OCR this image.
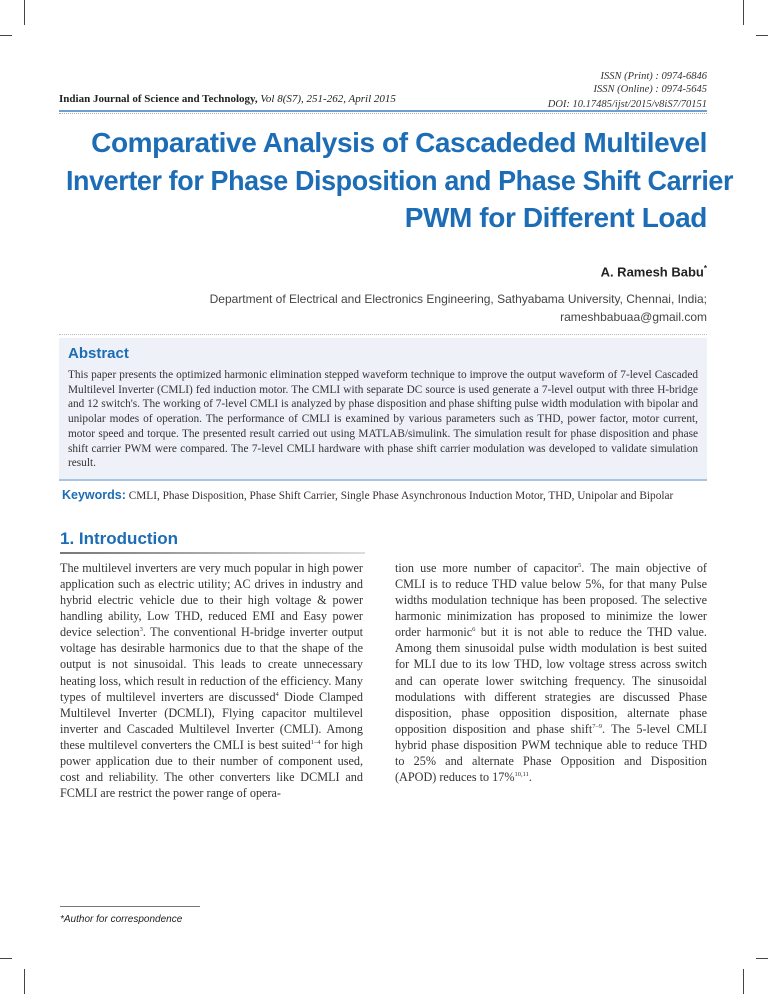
ISSN (Print) : 0974-6846
ISSN (Online) : 0974-5645
DOI: 10.17485/ijst/2015/v8iS7/70151
Indian Journal of Science and Technology, Vol 8(S7), 251-262, April 2015
Comparative Analysis of Cascadeded Multilevel
Inverter for Phase Disposition and Phase Shift Carrier
PWM for Different Load
A. Ramesh Babu*
Department of Electrical and Electronics Engineering, Sathyabama University, Chennai, India;
rameshbabuaa@gmail.com
Abstract

This paper presents the optimized harmonic elimination stepped waveform technique to improve the output waveform of 7-level Cascaded Multilevel Inverter (CMLI) fed induction motor. The CMLI with separate DC source is used generate a 7-level output with three H-bridge and 12 switch's. The working of 7-level CMLI is analyzed by phase disposition and phase shifting pulse width modulation with bipolar and unipolar modes of operation. The performance of CMLI is examined by various parameters such as THD, power factor, motor current, motor speed and torque. The presented result carried out using MATLAB/simulink. The simulation result for phase disposition and phase shift carrier PWM were compared. The 7-level CMLI hardware with phase shift carrier modulation was developed to validate simulation result.

Keywords: CMLI, Phase Disposition, Phase Shift Carrier, Single Phase Asynchronous Induction Motor, THD, Unipolar and Bipolar
1. Introduction
The multilevel inverters are very much popular in high power application such as electric utility; AC drives in industry and hybrid electric vehicle due to their high voltage & power handling ability, Low THD, reduced EMI and Easy power device selection$^3$. The conventional H-bridge inverter output voltage has desirable harmonics due to that the shape of the output is not sinusoidal. This leads to create unnecessary heating loss, which result in reduction of the efficiency. Many types of multilevel inverters are discussed$^4$ Diode Clamped Multilevel Inverter (DCMLI), Flying capacitor multilevel inverter and Cascaded Multilevel Inverter (CMLI). Among these multilevel converters the CMLI is best suited$^{1-4}$ for high power application due to their number of component used, cost and reliability. The other converters like DCMLI and FCMLI are restrict the power range of opera-
tion use more number of capacitor$^5$. The main objective of CMLI is to reduce THD value below 5%, for that many Pulse widths modulation technique has been proposed. The selective harmonic minimization has proposed to minimize the lower order harmonic$^6$ but it is not able to reduce the THD value. Among them sinusoidal pulse width modulation is best suited for MLI due to its low THD, low voltage stress across switch and can operate lower switching frequency. The sinusoidal modulations with different strategies are discussed Phase disposition, phase opposition disposition, alternate phase opposition disposition and phase shift$^{7-9}$. The 5-level CMLI hybrid phase disposition PWM technique able to reduce THD to 25% and alternate Phase Opposition and Disposition (APOD) reduces to 17%$^{10,11}$.
*Author for correspondence
